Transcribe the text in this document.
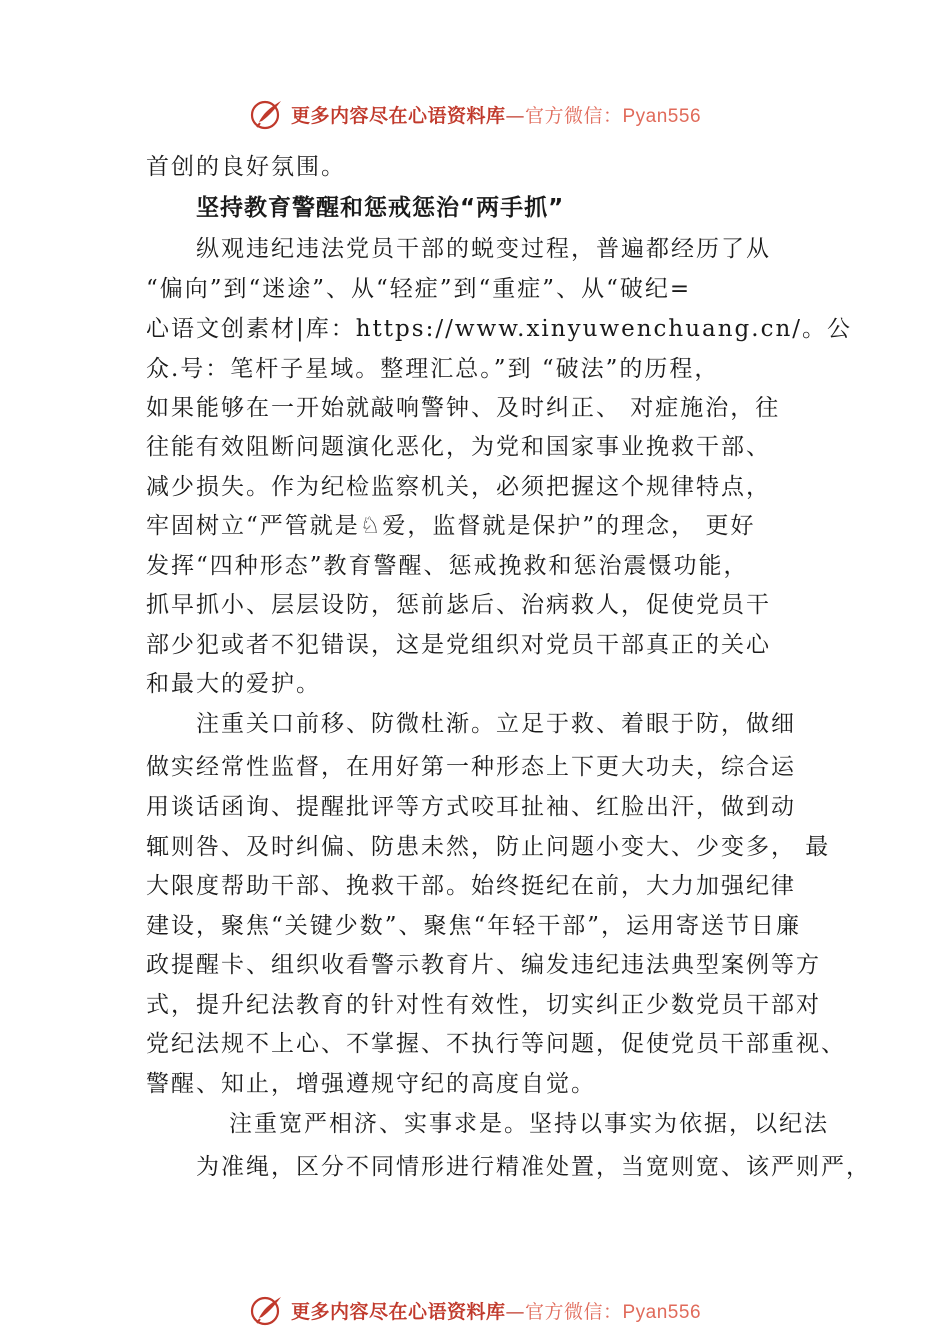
更多内容尽在心语资料库—官方微信：Pyan556
首创的良好氛围。
坚持教育警醒和惩戒惩治“两手抓”
纵观违纪违法党员干部的蜕变过程，普遍都经历了从
“偏向”到“迷途”、从“轻症”到“重症”、从“破纪=
心语文创素材|库：https://www.xinyuwenchuang.cn/。公
众.号：笔杆子星域。整理汇总。”到 “破法”的历程，
如果能够在一开始就敲响警钟、及时纠正、 对症施治，往
往能有效阻断问题演化恶化，为党和国家事业挽救干部、
减少损失。作为纪检监察机关，必须把握这个规律特点，
牢固树立“严管就是♘爱，监督就是保护”的理念， 更好
发挥“四种形态”教育警醒、惩戒挽救和惩治震慑功能，
抓早抓小、层层设防，惩前毖后、治病救人，促使党员干
部少犯或者不犯错误，这是党组织对党员干部真正的关心
和最大的爱护。
注重关口前移、防微杜渐。立足于救、着眼于防，做细
做实经常性监督，在用好第一种形态上下更大功夫，综合运
用谈话函询、提醒批评等方式咬耳扯袖、红脸出汗，做到动
辄则咎、及时纠偏、防患未然，防止问题小变大、少变多， 最
大限度帮助干部、挽救干部。始终挺纪在前，大力加强纪律
建设，聚焦“关键少数”、聚焦“年轻干部”，运用寄送节日廉
政提醒卡、组织收看警示教育片、编发违纪违法典型案例等方
式，提升纪法教育的针对性有效性，切实纠正少数党员干部对
党纪法规不上心、不掌握、不执行等问题，促使党员干部重视、
警醒、知止，增强遵规守纪的高度自觉。
注重宽严相济、实事求是。坚持以事实为依据，以纪法
为准绳，区分不同情形进行精准处置，当宽则宽、该严则严，
更多内容尽在心语资料库—官方微信：Pyan556
